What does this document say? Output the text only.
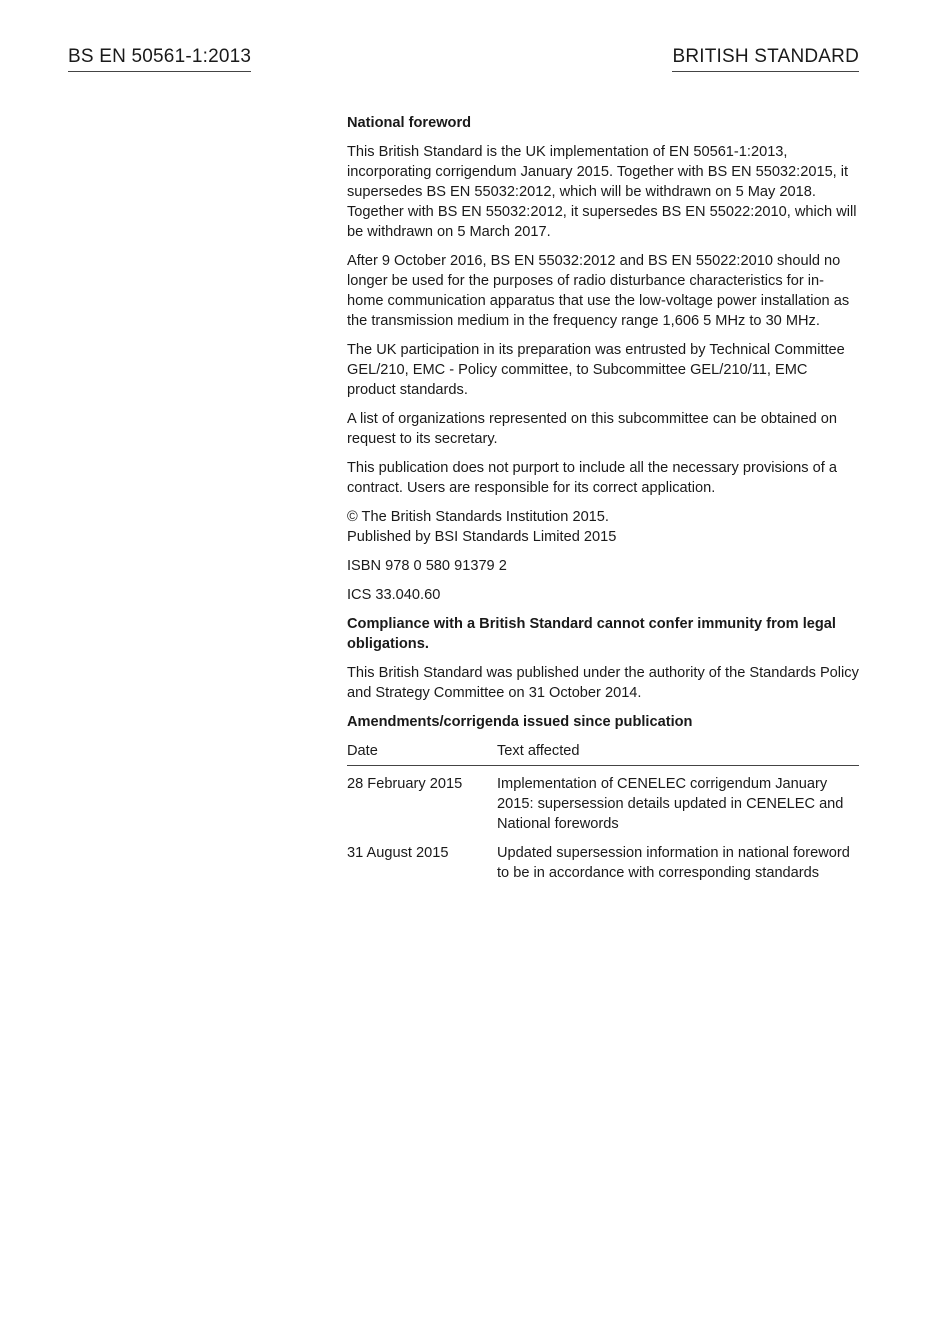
BS EN 50561-1:2013	BRITISH STANDARD
National foreword

This British Standard is the UK implementation of EN 50561-1:2013, incorporating corrigendum January 2015. Together with BS EN 55032:2015, it supersedes BS EN 55032:2012, which will be withdrawn on 5 May 2018. Together with BS EN 55032:2012, it supersedes BS EN 55022:2010, which will be withdrawn on 5 March 2017.

After 9 October 2016, BS EN 55032:2012 and BS EN 55022:2010 should no longer be used for the purposes of radio disturbance characteristics for in-home communication apparatus that use the low-voltage power installation as the transmission medium in the frequency range 1,606 5 MHz to 30 MHz.

The UK participation in its preparation was entrusted by Technical Committee GEL/210, EMC - Policy committee, to Subcommittee GEL/210/11, EMC product standards.

A list of organizations represented on this subcommittee can be obtained on request to its secretary.

This publication does not purport to include all the necessary provisions of a contract. Users are responsible for its correct application.

© The British Standards Institution 2015.
Published by BSI Standards Limited 2015

ISBN 978 0 580 91379 2

ICS 33.040.60

Compliance with a British Standard cannot confer immunity from legal obligations.

This British Standard was published under the authority of the Standards Policy and Strategy Committee on 31 October 2014.

Amendments/corrigenda issued since publication
Date	Text affected
28 February 2015	Implementation of CENELEC corrigendum January 2015: supersession details updated in CENELEC and National forewords
31 August 2015	Updated supersession information in national foreword to be in accordance with corresponding standards
